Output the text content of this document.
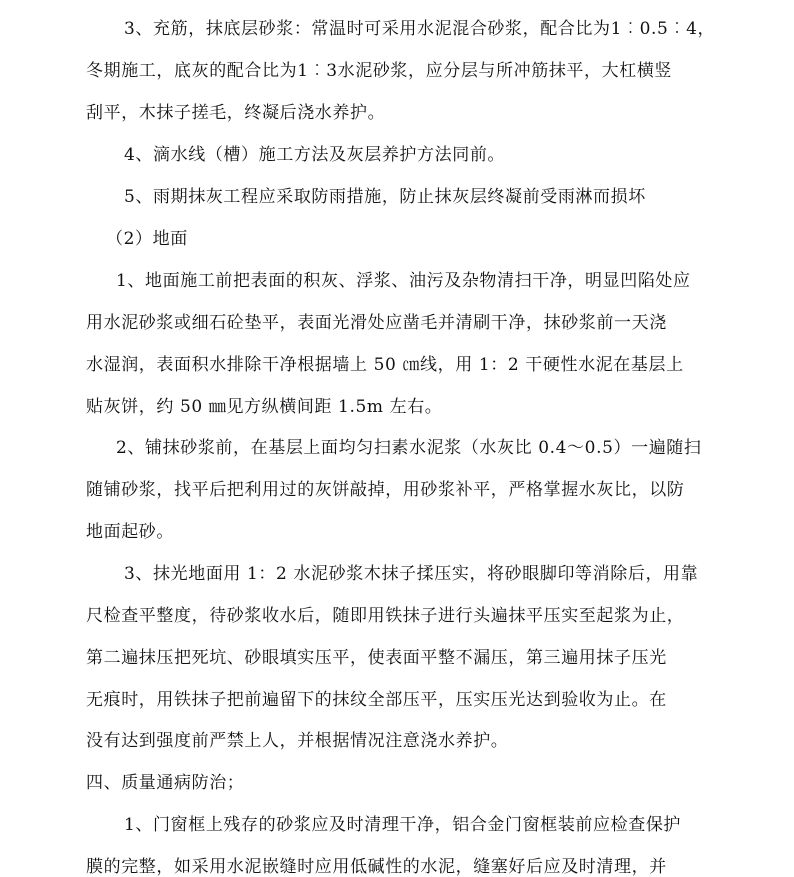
3、充筋，抹底层砂浆：常温时可采用水泥混合砂浆，配合比为1︰0.5︰4，
冬期施工，底灰的配合比为1︰3水泥砂浆，应分层与所冲筋抹平，大杠横竖
刮平，木抹子搓毛，终凝后浇水养护。
4、滴水线（槽）施工方法及灰层养护方法同前。
5、雨期抹灰工程应采取防雨措施，防止抹灰层终凝前受雨淋而损坏
（2）地面
1、地面施工前把表面的积灰、浮浆、油污及杂物清扫干净，明显凹陷处应
用水泥砂浆或细石砼垫平，表面光滑处应凿毛并清刷干净，抹砂浆前一天浇
水湿润，表面积水排除干净根据墙上 50 ㎝线，用 1：2 干硬性水泥在基层上
贴灰饼，约 50 ㎜见方纵横间距 1.5m 左右。
2、铺抹砂浆前，在基层上面均匀扫素水泥浆（水灰比 0.4～0.5）一遍随扫
随铺砂浆，找平后把利用过的灰饼敲掉，用砂浆补平，严格掌握水灰比，以防
地面起砂。
3、抹光地面用 1：2 水泥砂浆木抹子揉压实，将砂眼脚印等消除后，用靠
尺检查平整度，待砂浆收水后，随即用铁抹子进行头遍抹平压实至起浆为止，
第二遍抹压把死坑、砂眼填实压平，使表面平整不漏压，第三遍用抹子压光
无痕时，用铁抹子把前遍留下的抹纹全部压平，压实压光达到验收为止。在
没有达到强度前严禁上人，并根据情况注意浇水养护。
四、质量通病防治；
1、门窗框上残存的砂浆应及时清理干净，铝合金门窗框装前应检查保护
膜的完整，如采用水泥嵌缝时应用低碱性的水泥，缝塞好后应及时清理，并
